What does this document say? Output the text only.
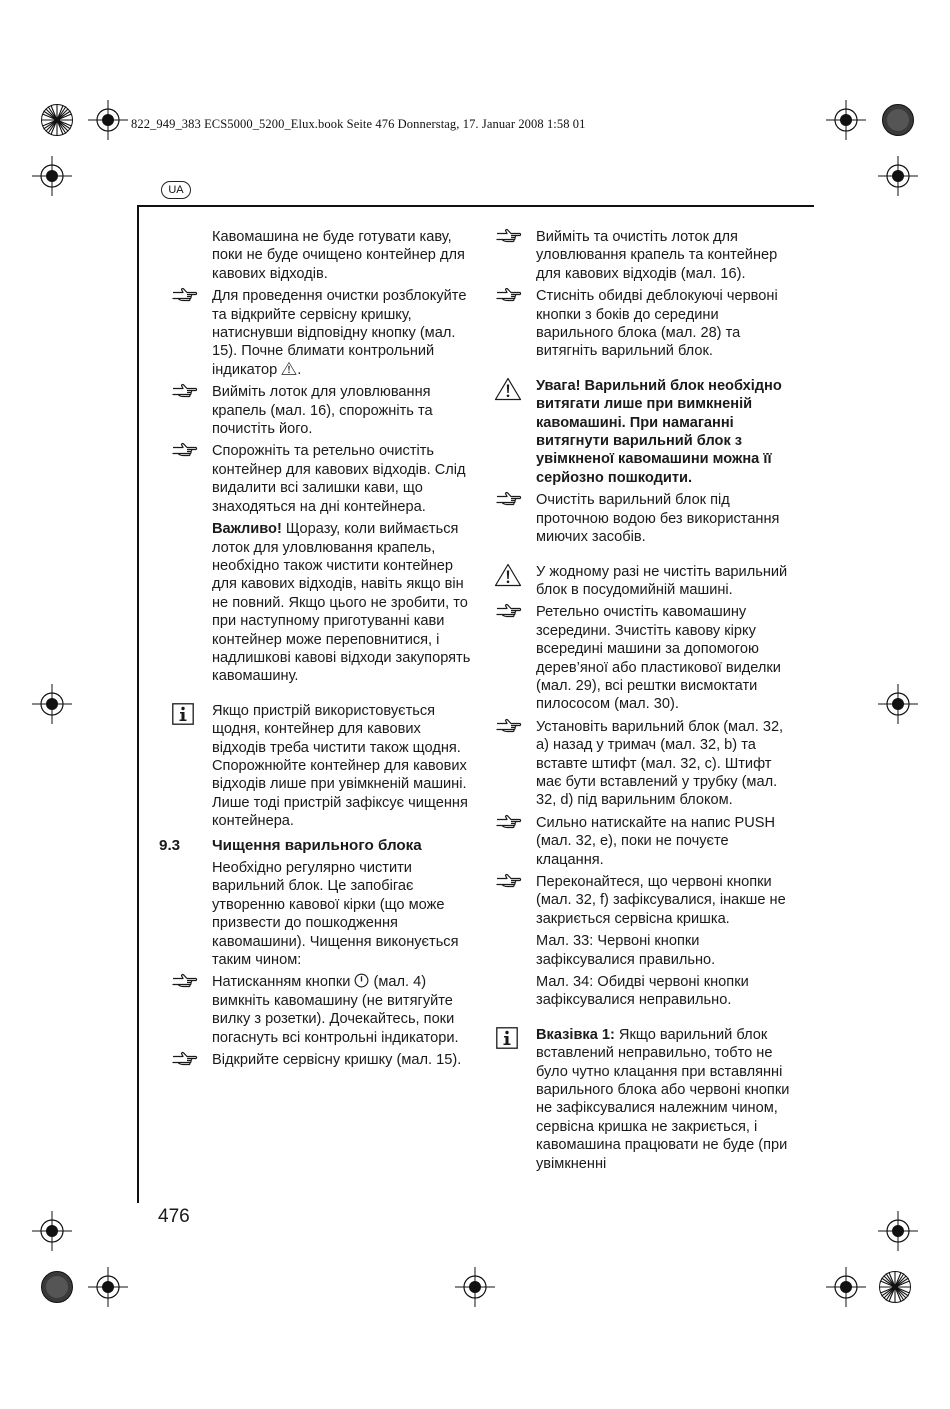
822_949_383 ECS5000_5200_Elux.book Seite 476 Donnerstag, 17. Januar 2008 1:58 01
UA

Кавомашина не буде готувати каву, поки не буде очищено контейнер для кавових відходів.

Для проведення очистки розблокуйте та відкрийте сервісну кришку, натиснувши відповідну кнопку (мал. 15). Почне блимати контрольний індикатор .

Вийміть лоток для уловлювання крапель (мал. 16), спорожніть та почистіть його.

Спорожніть та ретельно очистіть контейнер для кавових відходів. Слід видалити всі залишки кави, що знаходяться на дні контейнера.

Важливо! Щоразу, коли виймається лоток для уловлювання крапель, необхідно також чистити контейнер для кавових відходів, навіть якщо він не повний. Якщо цього не зробити, то при наступному приготуванні кави контейнер може переповнитися, і надлишкові кавові відходи закупорять кавомашину.

Якщо пристрій використовується щодня, контейнер для кавових відходів треба чистити також щодня.

Спорожнюйте контейнер для кавових відходів лише при увімкненій машині. Лише тоді пристрій зафіксує чищення контейнера.

9.3 Чищення варильного блока

Необхідно регулярно чистити варильний блок. Це запобігає утворенню кавової кірки (що може призвести до пошкодження кавомашини). Чищення виконується таким чином:

Натисканням кнопки (мал. 4) вимкніть кавомашину (не витягуйте вилку з розетки). Дочекайтесь, поки погаснуть всі контрольні індикатори.

Відкрийте сервісну кришку (мал. 15).

Вийміть та очистіть лоток для уловлювання крапель та контейнер для кавових відходів (мал. 16).

Стисніть обидві деблокуючі червоні кнопки з боків до середини варильного блока (мал. 28) та витягніть варильний блок.

Увага! Варильний блок необхідно витягати лише при вимкненій кавомашині. При намаганні витягнути варильний блок з увімкненої кавомашини можна її серйозно пошкодити.

Очистіть варильний блок під проточною водою без використання миючих засобів.

У жодному разі не чистіть варильний блок в посудомийній машині.

Ретельно очистіть кавомашину зсередини. Зчистіть кавову кірку всередині машини за допомогою дерев’яної або пластикової виделки (мал. 29), всі рештки висмоктати пилососом (мал. 30).

Установіть варильний блок (мал. 32, a) назад у тримач (мал. 32, b) та вставте штифт (мал. 32, c). Штифт має бути вставлений у трубку (мал. 32, d) під варильним блоком.

Сильно натискайте на напис PUSH (мал. 32, e), поки не почуєте клацання.

Переконайтеся, що червоні кнопки (мал. 32, f) зафіксувалися, інакше не закриється сервісна кришка.

Мал. 33: Червоні кнопки зафіксувалися правильно.

Мал. 34: Обидві червоні кнопки зафіксувалися неправильно.

Вказівка 1: Якщо варильний блок вставлений неправильно, тобто не було чутно клацання при вставлянні варильного блока або червоні кнопки не зафіксувалися належним чином, сервісна кришка не закриється, і кавомашина працювати не буде (при увімкненні

476
